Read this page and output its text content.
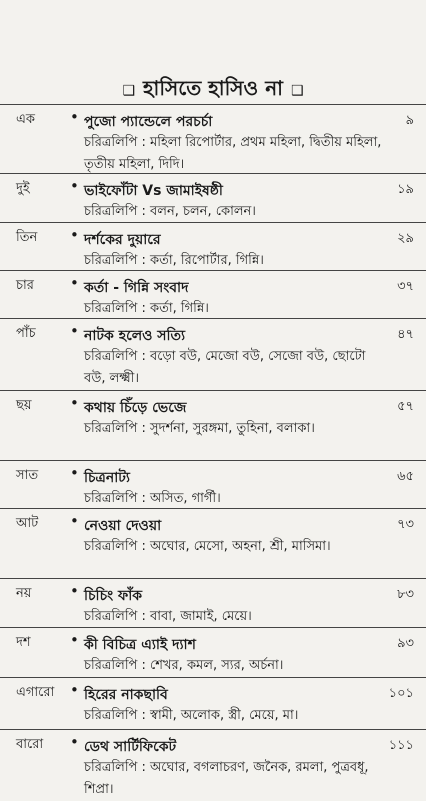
❑ হাসিতে হাসিও না ❑
এক • পুজো প্যান্ডেলে পরচর্চা	৯
চরিত্রলিপি : মহিলা রিপোর্টার, প্রথম মহিলা, দ্বিতীয় মহিলা, তৃতীয় মহিলা, দিদি।
দুই	• ভাইফোঁটা Vs জামাইষষ্ঠী	১৯
চরিত্রলিপি : বলন, চলন, কোলন।
তিন • দর্শকের দুয়ারে	২৯
চরিত্রলিপি : কর্তা, রিপোর্টার, গিন্নি।
চার • কর্তা - গিন্নি সংবাদ	৩৭
চরিত্রলিপি : কর্তা, গিন্নি।
পাঁচ • নাটক হলেও সত্যি	৪৭
চরিত্রলিপি : বড়ো বউ, মেজো বউ, সেজো বউ, ছোটো বউ, লক্ষ্মী।
ছয়	• কথায় চিঁড়ে ভেজে	৫৭
চরিত্রলিপি : সুদর্শনা, সুরঙ্গমা, তুহিনা, বলাকা।
সাত • চিত্রনাট্য	৬৫
চরিত্রলিপি : অসিত, গার্গী।
আট • নেওয়া দেওয়া	৭৩
চরিত্রলিপি : অঘোর, মেসো, অহনা, শ্রী, মাসিমা।
নয়	• চিচিং ফাঁক	৮৩
চরিত্রলিপি : বাবা, জামাই, মেয়ে।
দশ	• কী বিচিত্র এ্যাই দ্যাশ	৯৩
চরিত্রলিপি : শেখর, কমল, স্যর, অর্চনা।
এগারো • হিরের নাকছাবি	১০১
চরিত্রলিপি : স্বামী, অলোক, স্ত্রী, মেয়ে, মা।
বারো • ডেথ সার্টিফিকেট	১১১
চরিত্রলিপি : অঘোর, বগলাচরণ, জনৈক, রমলা, পুত্রবধূ, শিপ্রা।
